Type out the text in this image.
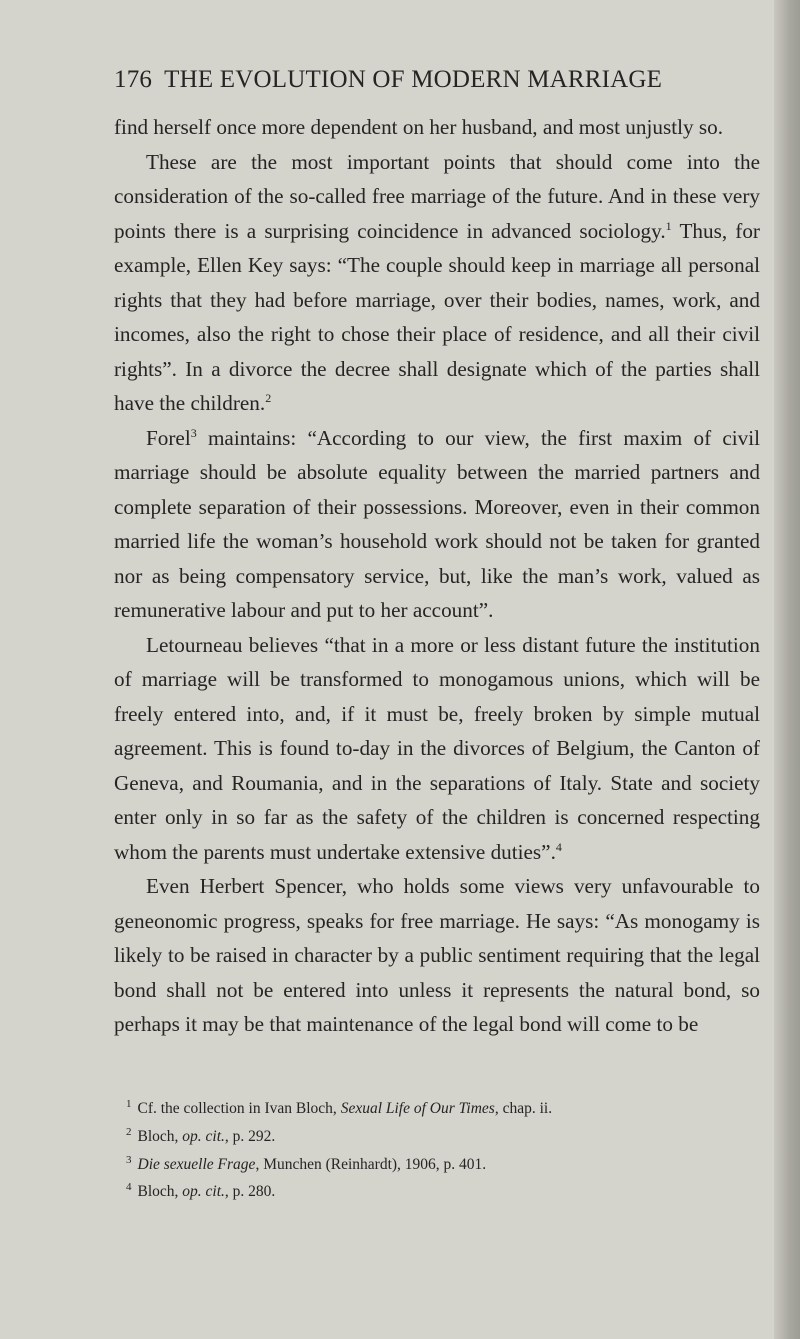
176 THE EVOLUTION OF MODERN MARRIAGE

find herself once more dependent on her husband, and most unjustly so.

These are the most important points that should come into the consideration of the so-called free marriage of the future. And in these very points there is a surprising coincidence in advanced sociology.$^1$ Thus, for example, Ellen Key says: “The couple should keep in marriage all personal rights that they had before marriage, over their bodies, names, work, and incomes, also the right to chose their place of residence, and all their civil rights”. In a divorce the decree shall designate which of the parties shall have the children.$^2$

Forel$^3$ maintains: “According to our view, the first maxim of civil marriage should be absolute equality between the married partners and complete separation of their possessions. Moreover, even in their common married life the woman’s household work should not be taken for granted nor as being compensatory service, but, like the man’s work, valued as remunerative labour and put to her account”.

Letourneau believes “that in a more or less distant future the institution of marriage will be transformed to monogamous unions, which will be freely entered into, and, if it must be, freely broken by simple mutual agreement. This is found to-day in the divorces of Belgium, the Canton of Geneva, and Roumania, and in the separations of Italy. State and society enter only in so far as the safety of the children is concerned respecting whom the parents must undertake extensive duties”.$^4$

Even Herbert Spencer, who holds some views very unfavourable to geneonomic progress, speaks for free marriage. He says: “As monogamy is likely to be raised in character by a public sentiment requiring that the legal bond shall not be entered into unless it represents the natural bond, so perhaps it may be that maintenance of the legal bond will come to be

$^1$ Cf. the collection in Ivan Bloch, Sexual Life of Our Times, chap. ii.

$^2$ Bloch, op. cit., p. 292.

$^3$ Die sexuelle Frage, Munchen (Reinhardt), 1906, p. 401.

$^4$ Bloch, op. cit., p. 280.
